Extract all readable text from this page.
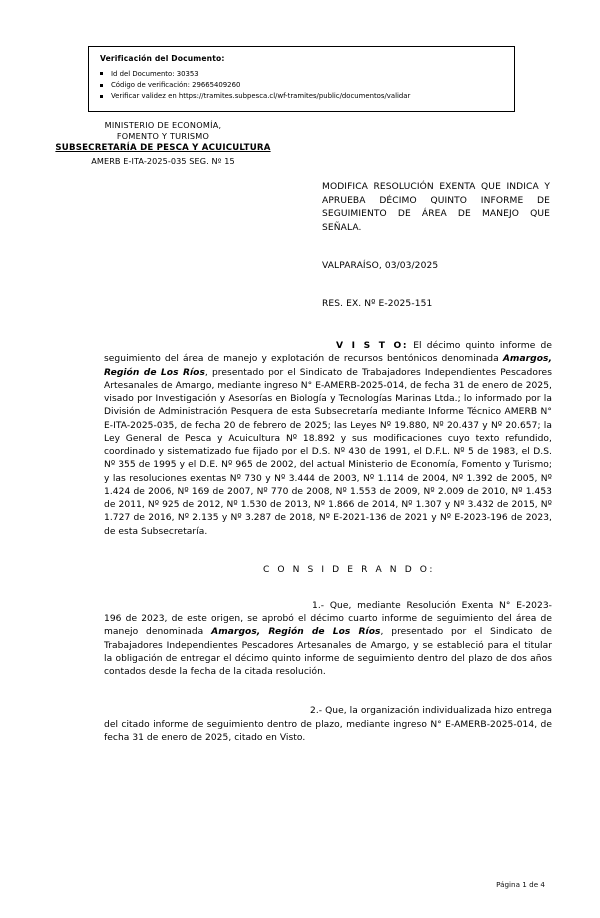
Verificación del Documento:
Id del Documento: 30353
Código de verificación: 29665409260
Verificar validez en https://tramites.subpesca.cl/wf-tramites/public/documentos/validar
MINISTERIO DE ECONOMÍA,
FOMENTO Y TURISMO
SUBSECRETARÍA DE PESCA Y ACUICULTURA
AMERB E-ITA-2025-035 SEG. Nº 15
MODIFICA RESOLUCIÓN EXENTA QUE INDICA Y APRUEBA DÉCIMO QUINTO INFORME DE SEGUIMIENTO DE ÁREA DE MANEJO QUE SEÑALA.
VALPARAÍSO, 03/03/2025
RES. EX. Nº E-2025-151

V I S T O: El décimo quinto informe de seguimiento del área de manejo y explotación de recursos bentónicos denominada Amargos, Región de Los Ríos, presentado por el Sindicato de Trabajadores Independientes Pescadores Artesanales de Amargo, mediante ingreso N° E-AMERB-2025-014, de fecha 31 de enero de 2025, visado por Investigación y Asesorías en Biología y Tecnologías Marinas Ltda.; lo informado por la División de Administración Pesquera de esta Subsecretaría mediante Informe Técnico AMERB N° E-ITA-2025-035, de fecha 20 de febrero de 2025; las Leyes Nº 19.880, Nº 20.437 y Nº 20.657; la Ley General de Pesca y Acuicultura Nº 18.892 y sus modificaciones cuyo texto refundido, coordinado y sistematizado fue fijado por el D.S. Nº 430 de 1991, el D.F.L. Nº 5 de 1983, el D.S. Nº 355 de 1995 y el D.E. Nº 965 de 2002, del actual Ministerio de Economía, Fomento y Turismo; y las resoluciones exentas Nº 730 y Nº 3.444 de 2003, Nº 1.114 de 2004, Nº 1.392 de 2005, Nº 1.424 de 2006, Nº 169 de 2007, Nº 770 de 2008, Nº 1.553 de 2009, Nº 2.009 de 2010, Nº 1.453 de 2011, Nº 925 de 2012, Nº 1.530 de 2013, Nº 1.866 de 2014, Nº 1.307 y Nº 3.432 de 2015, Nº 1.727 de 2016, Nº 2.135 y Nº 3.287 de 2018, Nº E-2021-136 de 2021 y Nº E-2023-196 de 2023, de esta Subsecretaría.

C O N S I D E R A N D O:

1.- Que, mediante Resolución Exenta N° E-2023-196 de 2023, de este origen, se aprobó el décimo cuarto informe de seguimiento del área de manejo denominada Amargos, Región de Los Ríos, presentado por el Sindicato de Trabajadores Independientes Pescadores Artesanales de Amargo, y se estableció para el titular la obligación de entregar el décimo quinto informe de seguimiento dentro del plazo de dos años contados desde la fecha de la citada resolución.

2.- Que, la organización individualizada hizo entrega del citado informe de seguimiento dentro de plazo, mediante ingreso N° E-AMERB-2025-014, de fecha 31 de enero de 2025, citado en Visto.

Página 1 de 4
